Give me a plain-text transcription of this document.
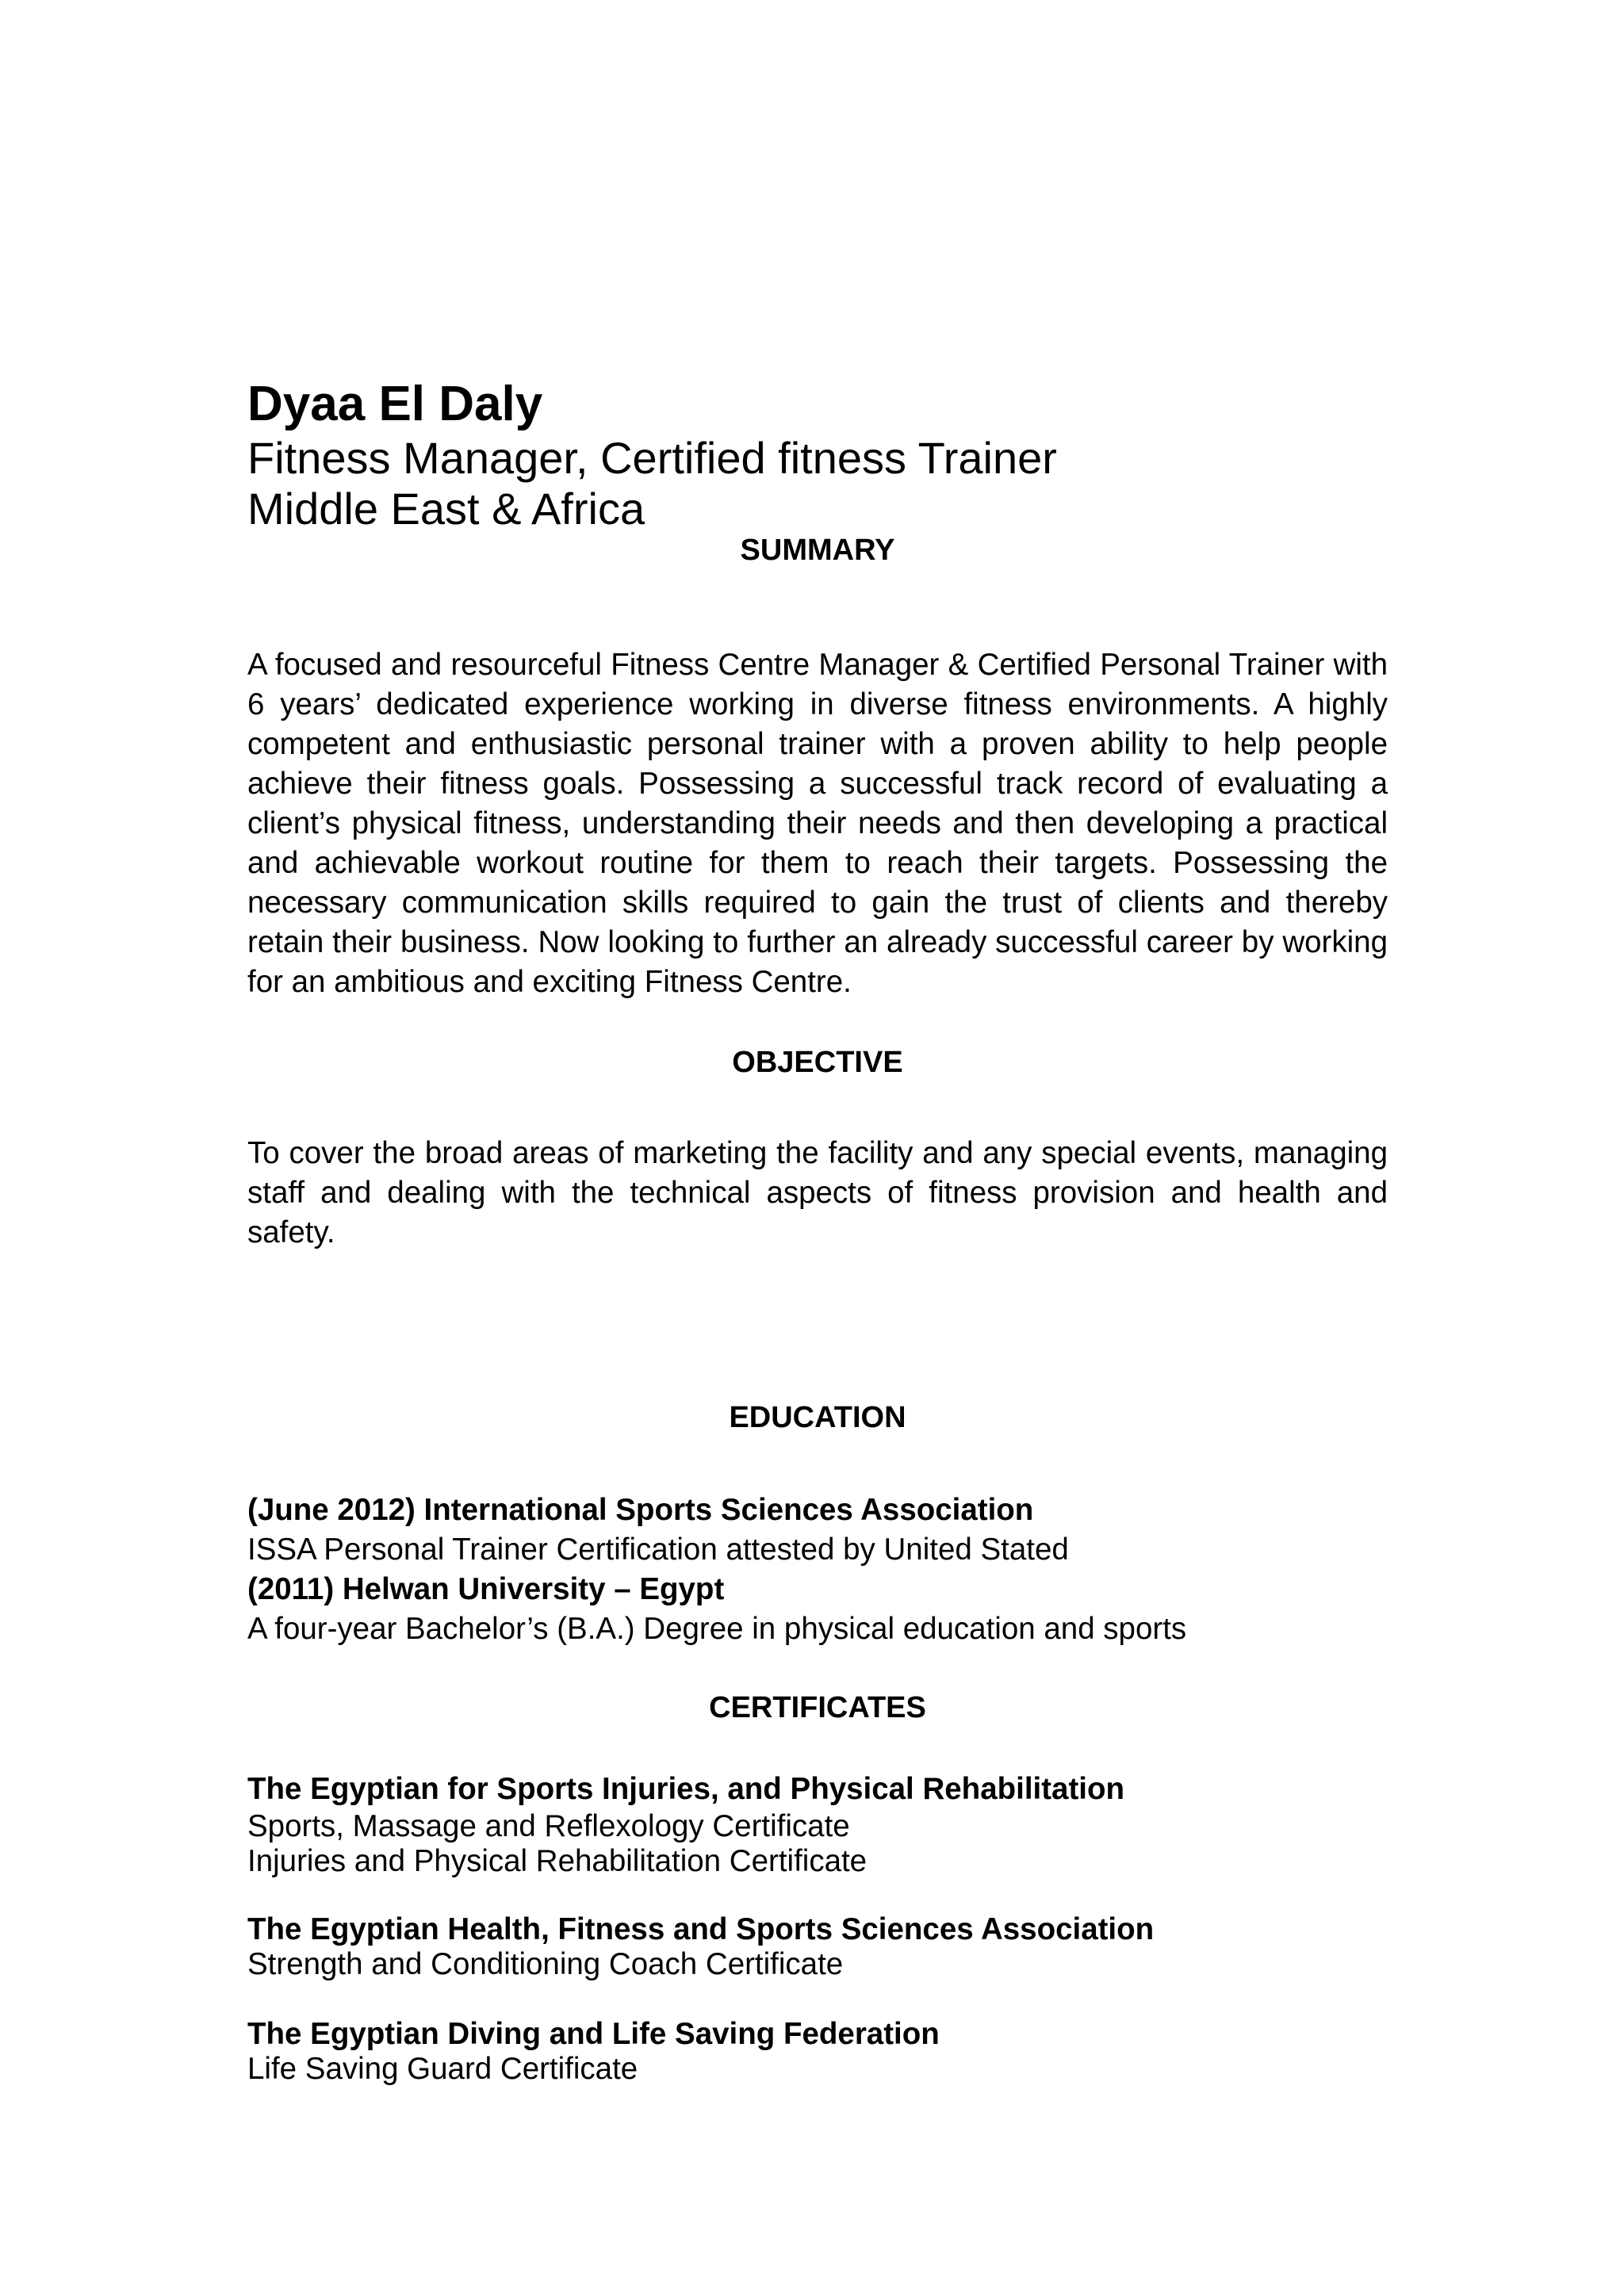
Dyaa El Daly
Fitness Manager, Certified fitness Trainer
Middle East & Africa
SUMMARY

A focused and resourceful Fitness Centre Manager & Certified Personal Trainer with 6 years’ dedicated experience working in diverse fitness environments. A highly competent and enthusiastic personal trainer with a proven ability to help people achieve their fitness goals. Possessing a successful track record of evaluating a client’s physical fitness, understanding their needs and then developing a practical and achievable workout routine for them to reach their targets. Possessing the necessary communication skills required to gain the trust of clients and thereby retain their business. Now looking to further an already successful career by working for an ambitious and exciting Fitness Centre.

OBJECTIVE

To cover the broad areas of marketing the facility and any special events, managing staff and dealing with the technical aspects of fitness provision and health and safety.

EDUCATION
(June 2012) International Sports Sciences Association
ISSA Personal Trainer Certification attested by United Stated
(2011) Helwan University – Egypt
A four-year Bachelor’s (B.A.) Degree in physical education and sports
CERTIFICATES
The Egyptian for Sports Injuries, and Physical Rehabilitation
Sports, Massage and Reflexology Certificate
Injuries and Physical Rehabilitation Certificate
The Egyptian Health, Fitness and Sports Sciences Association
Strength and Conditioning Coach Certificate
The Egyptian Diving and Life Saving Federation
Life Saving Guard Certificate
